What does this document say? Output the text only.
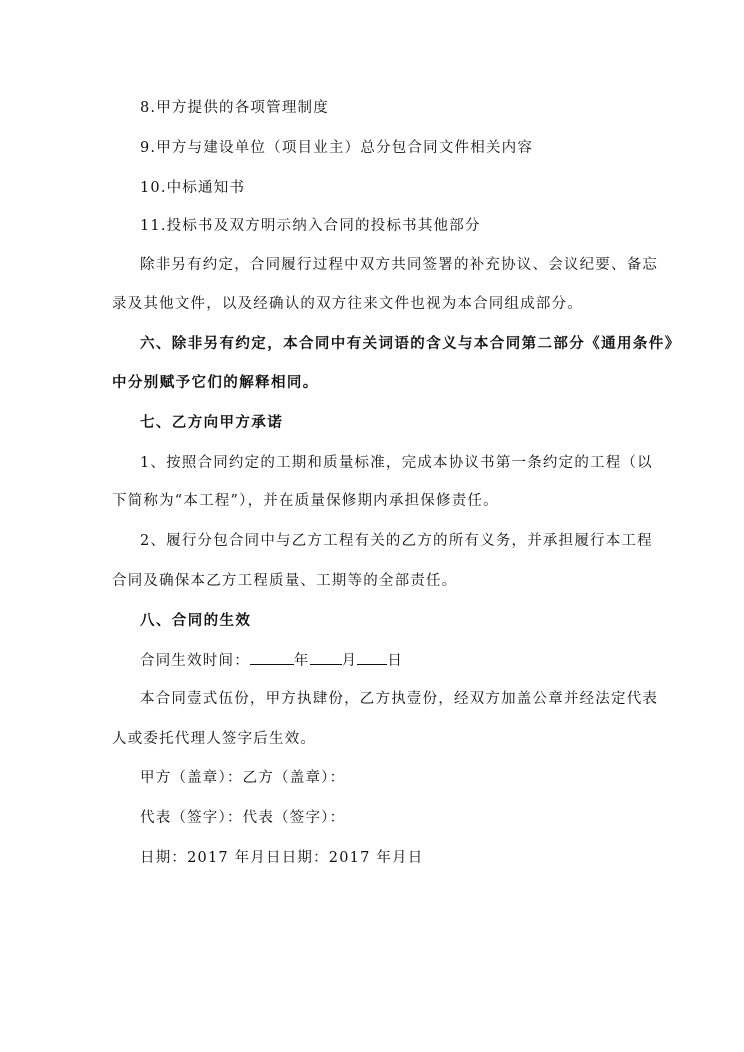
8.甲方提供的各项管理制度
9.甲方与建设单位（项目业主）总分包合同文件相关内容
10.中标通知书
11.投标书及双方明示纳入合同的投标书其他部分
除非另有约定，合同履行过程中双方共同签署的补充协议、会议纪要、备忘
录及其他文件，以及经确认的双方往来文件也视为本合同组成部分。
六、除非另有约定，本合同中有关词语的含义与本合同第二部分《通用条件》
中分别赋予它们的解释相同。
七、乙方向甲方承诺
1、按照合同约定的工期和质量标准，完成本协议书第一条约定的工程（以
下简称为“本工程”），并在质量保修期内承担保修责任。
2、履行分包合同中与乙方工程有关的乙方的所有义务，并承担履行本工程
合同及确保本乙方工程质量、工期等的全部责任。
八、合同的生效
合同生效时间：	年 月 日
本合同壹式伍份，甲方执肆份，乙方执壹份，经双方加盖公章并经法定代表
人或委托代理人签字后生效。
甲方（盖章）：乙方（盖章）：
代表（签字）：代表（签字）：
日期：2017 年月日日期：2017 年月日
